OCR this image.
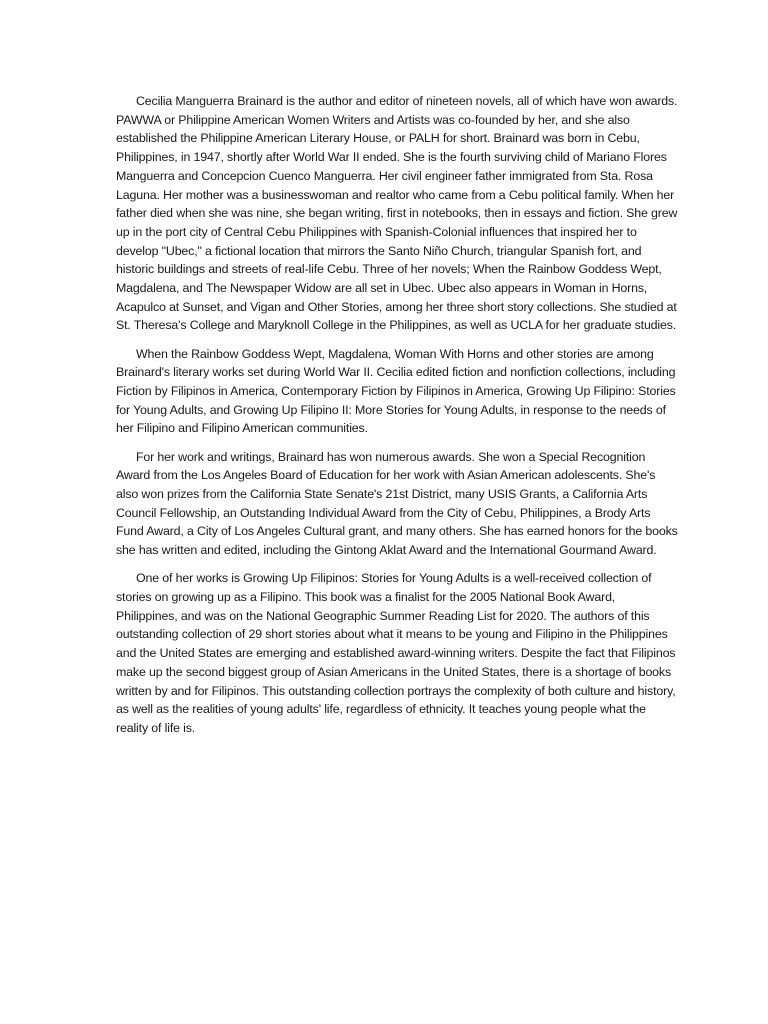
Cecilia Manguerra Brainard is the author and editor of nineteen novels, all of which have won awards. PAWWA or Philippine American Women Writers and Artists was co-founded by her, and she also established the Philippine American Literary House, or PALH for short. Brainard was born in Cebu, Philippines, in 1947, shortly after World War II ended. She is the fourth surviving child of Mariano Flores Manguerra and Concepcion Cuenco Manguerra. Her civil engineer father immigrated from Sta. Rosa Laguna. Her mother was a businesswoman and realtor who came from a Cebu political family. When her father died when she was nine, she began writing, first in notebooks, then in essays and fiction. She grew up in the port city of Central Cebu Philippines with Spanish-Colonial influences that inspired her to develop "Ubec," a fictional location that mirrors the Santo Niño Church, triangular Spanish fort, and historic buildings and streets of real-life Cebu. Three of her novels; When the Rainbow Goddess Wept, Magdalena, and The Newspaper Widow are all set in Ubec. Ubec also appears in Woman in Horns, Acapulco at Sunset, and Vigan and Other Stories, among her three short story collections. She studied at St. Theresa's College and Maryknoll College in the Philippines, as well as UCLA for her graduate studies.

When the Rainbow Goddess Wept, Magdalena, Woman With Horns and other stories are among Brainard's literary works set during World War II. Cecilia edited fiction and nonfiction collections, including Fiction by Filipinos in America, Contemporary Fiction by Filipinos in America, Growing Up Filipino: Stories for Young Adults, and Growing Up Filipino II: More Stories for Young Adults, in response to the needs of her Filipino and Filipino American communities.

For her work and writings, Brainard has won numerous awards. She won a Special Recognition Award from the Los Angeles Board of Education for her work with Asian American adolescents. She's also won prizes from the California State Senate's 21st District, many USIS Grants, a California Arts Council Fellowship, an Outstanding Individual Award from the City of Cebu, Philippines, a Brody Arts Fund Award, a City of Los Angeles Cultural grant, and many others. She has earned honors for the books she has written and edited, including the Gintong Aklat Award and the International Gourmand Award.

One of her works is Growing Up Filipinos: Stories for Young Adults is a well-received collection of stories on growing up as a Filipino. This book was a finalist for the 2005 National Book Award, Philippines, and was on the National Geographic Summer Reading List for 2020. The authors of this outstanding collection of 29 short stories about what it means to be young and Filipino in the Philippines and the United States are emerging and established award-winning writers. Despite the fact that Filipinos make up the second biggest group of Asian Americans in the United States, there is a shortage of books written by and for Filipinos. This outstanding collection portrays the complexity of both culture and history, as well as the realities of young adults' life, regardless of ethnicity. It teaches young people what the reality of life is.
